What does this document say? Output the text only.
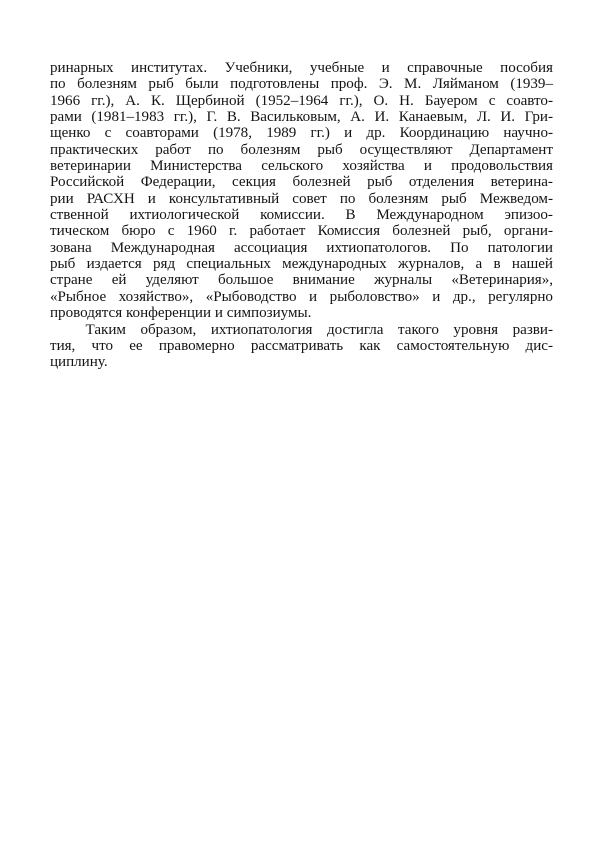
ринарных институтах. Учебники, учебные и справочные пособия
по болезням рыб были подготовлены проф. Э. М. Ляйманом (1939–
1966 гг.), А. К. Щербиной (1952–1964 гг.), О. Н. Бауером с соавто-
рами (1981–1983 гг.), Г. В. Васильковым, А. И. Канаевым, Л. И. Гри-
щенко с соавторами (1978, 1989 гг.) и др. Координацию научно-
практических работ по болезням рыб осуществляют Департамент
ветеринарии Министерства сельского хозяйства и продовольствия
Российской Федерации, секция болезней рыб отделения ветерина-
рии РАСХН и консультативный совет по болезням рыб Межведом-
ственной ихтиологической комиссии. В Международном эпизоо-
тическом бюро с 1960 г. работает Комиссия болезней рыб, органи-
зована Международная ассоциация ихтиопатологов. По патологии
рыб издается ряд специальных международных журналов, а в нашей
стране ей уделяют большое внимание журналы «Ветеринария»,
«Рыбное хозяйство», «Рыбоводство и рыболовство» и др., регулярно
проводятся конференции и симпозиумы.

Таким образом, ихтиопатология достигла такого уровня разви-
тия, что ее правомерно рассматривать как самостоятельную дис-
циплину.
